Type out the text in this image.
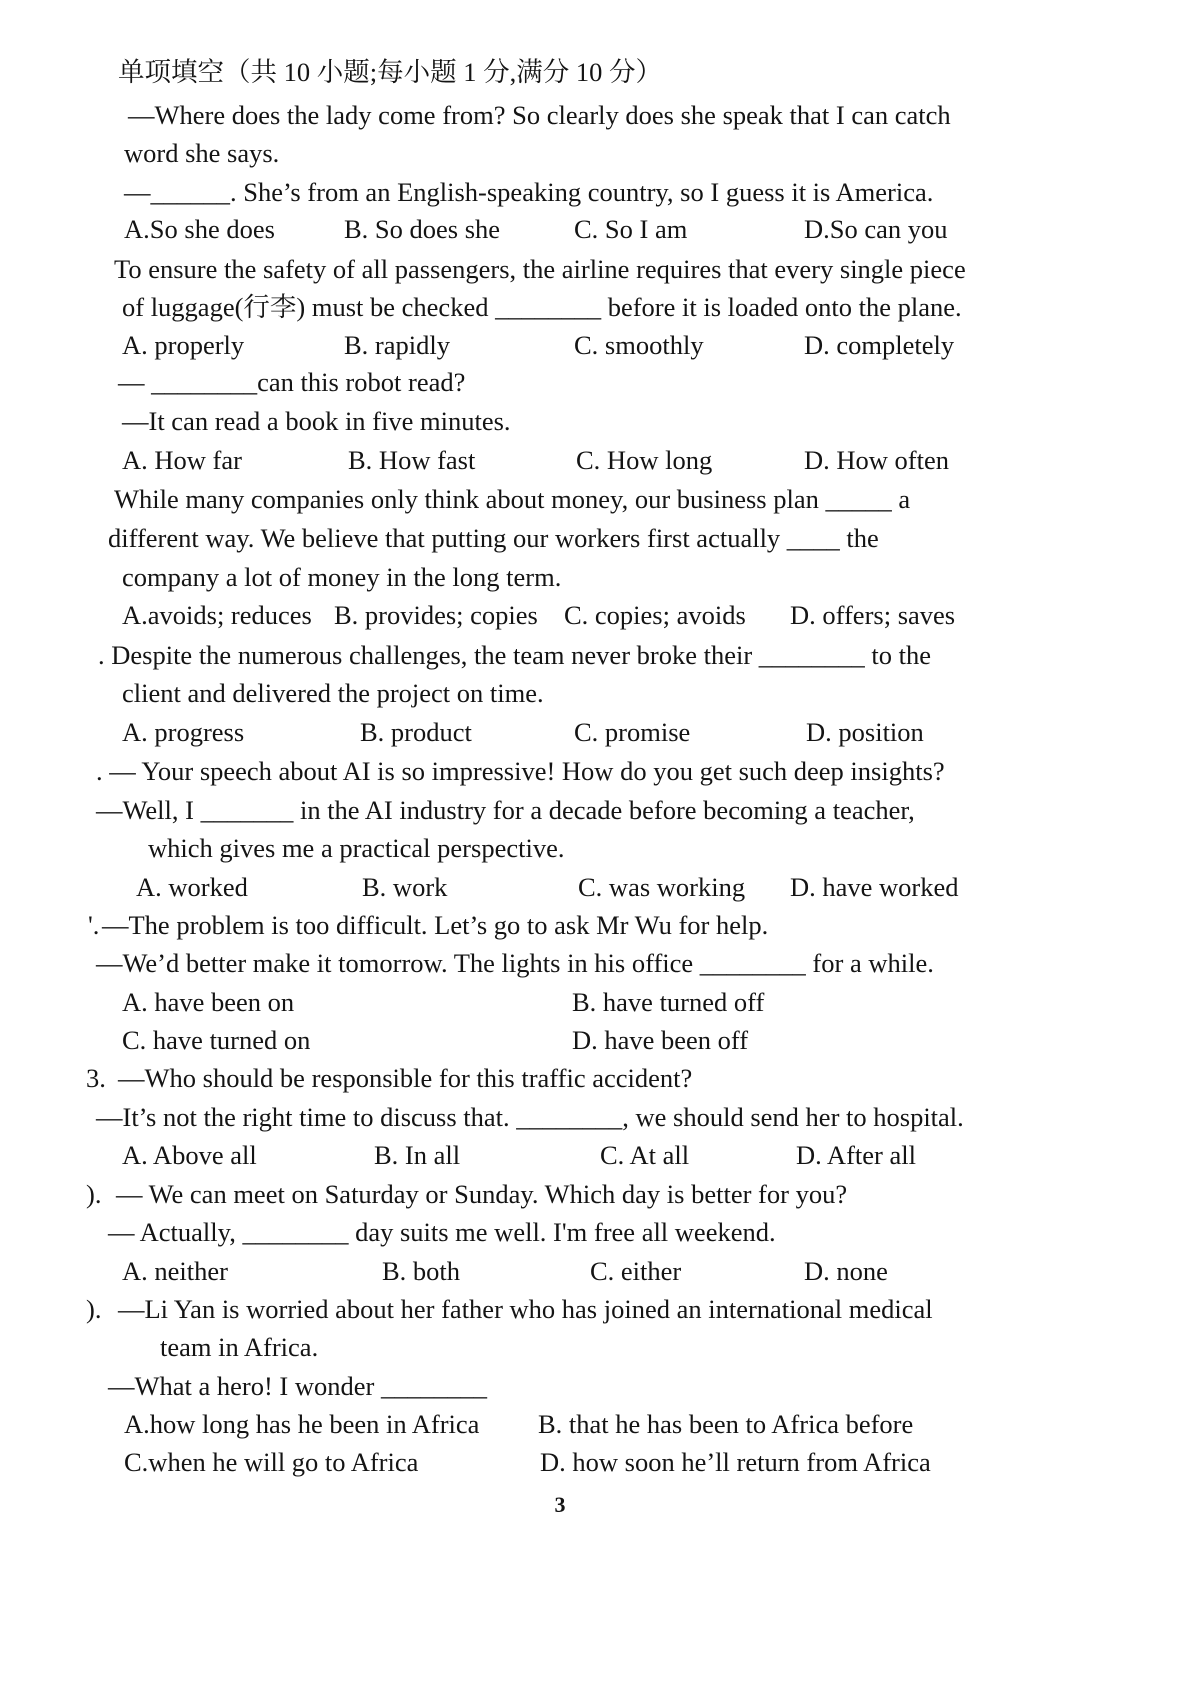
单项填空（共 10 小题;每小题 1 分,满分 10 分）
—Where does the lady come from? So clearly does she speak that I can catch
word she says.
—______. She’s from an English-speaking country, so I guess it is America.
A.So she does	B. So does she	C. So I am	D.So can you
To ensure the safety of all passengers, the airline requires that every single piece
of luggage(行李) must be checked ________ before it is loaded onto the plane.
A. properly	B. rapidly	C. smoothly	D. completely
— ________can this robot read?
—It can read a book in five minutes.
A. How far	B. How fast	C. How long	D. How often
While many companies only think about money, our business plan _____ a
different way. We believe that putting our workers first actually ____ the
company a lot of money in the long term.
A.avoids; reduces B. provides; copies C. copies; avoids D. offers; saves
. Despite the numerous challenges, the team never broke their ________ to the
client and delivered the project on time.
A. progress	B. product	C. promise	D. position
. — Your speech about AI is so impressive! How do you get such deep insights?
—Well, I _______ in the AI industry for a decade before becoming a teacher,
which gives me a practical perspective.
A. worked	B. work	C. was working D. have worked
'. —The problem is too difficult. Let’s go to ask Mr Wu for help.
—We’d better make it tomorrow. The lights in his office ________ for a while.
A. have been on	B. have turned off
C. have turned on	D. have been off
3. —Who should be responsible for this traffic accident?
—It’s not the right time to discuss that. ________, we should send her to hospital.
A. Above all	B. In all	C. At all	D. After all
). — We can meet on Saturday or Sunday. Which day is better for you?
— Actually, ________ day suits me well. I'm free all weekend.
A. neither	B. both	C. either	D. none
). —Li Yan is worried about her father who has joined an international medical
team in Africa.
—What a hero! I wonder ________
A.how long has he been in Africa B. that he has been to Africa before
C.when he will go to Africa	D. how soon he’ll return from Africa
3
